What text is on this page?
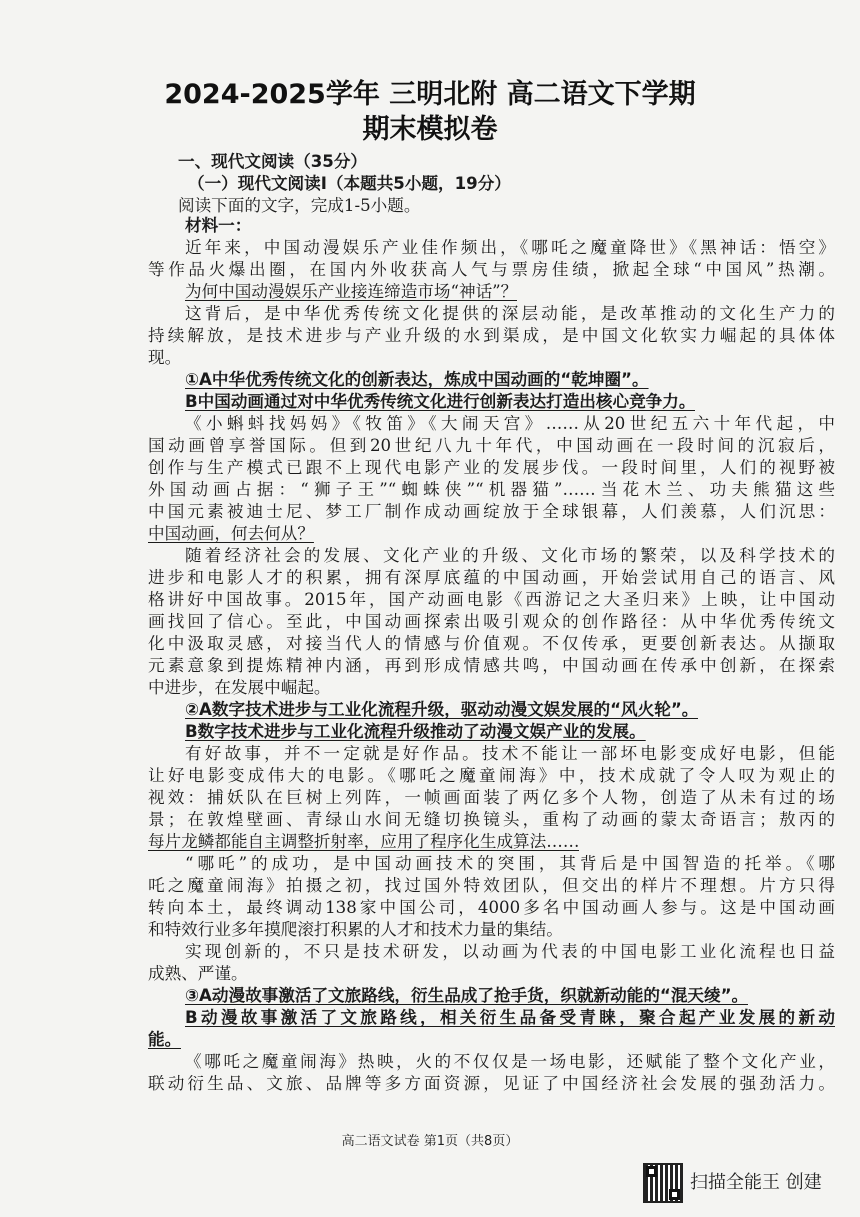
2024-2025学年 三明北附 高二语文下学期
期末模拟卷
一、现代文阅读（35分）
（一）现代文阅读Ⅰ（本题共5小题，19分）
阅读下面的文字，完成1-5小题。
材料一：
近年来，中国动漫娱乐产业佳作频出，《哪吒之魔童降世》《黑神话：悟空》
等作品火爆出圈，在国内外收获高人气与票房佳绩，掀起全球“中国风”热潮。
为何中国动漫娱乐产业接连缔造市场“神话”？
这背后，是中华优秀传统文化提供的深层动能，是改革推动的文化生产力的
持续解放，是技术进步与产业升级的水到渠成，是中国文化软实力崛起的具体体
现。
①A中华优秀传统文化的创新表达，炼成中国动画的“乾坤圈”。
B中国动画通过对中华优秀传统文化进行创新表达打造出核心竞争力。
《小蝌蚪找妈妈》《牧笛》《大闹天宫》……从20世纪五六十年代起，中
国动画曾享誉国际。但到20世纪八九十年代，中国动画在一段时间的沉寂后，
创作与生产模式已跟不上现代电影产业的发展步伐。一段时间里，人们的视野被
外国动画占据：“狮子王”“蜘蛛侠”“机器猫”……当花木兰、功夫熊猫这些
中国元素被迪士尼、梦工厂制作成动画绽放于全球银幕，人们羡慕，人们沉思：
中国动画，何去何从？
随着经济社会的发展、文化产业的升级、文化市场的繁荣，以及科学技术的
进步和电影人才的积累，拥有深厚底蕴的中国动画，开始尝试用自己的语言、风
格讲好中国故事。2015年，国产动画电影《西游记之大圣归来》上映，让中国动
画找回了信心。至此，中国动画探索出吸引观众的创作路径：从中华优秀传统文
化中汲取灵感，对接当代人的情感与价值观。不仅传承，更要创新表达。从撷取
元素意象到提炼精神内涵，再到形成情感共鸣，中国动画在传承中创新，在探索
中进步，在发展中崛起。
②A数字技术进步与工业化流程升级，驱动动漫文娱发展的“风火轮”。
B数字技术进步与工业化流程升级推动了动漫文娱产业的发展。
有好故事，并不一定就是好作品。技术不能让一部坏电影变成好电影，但能
让好电影变成伟大的电影。《哪吒之魔童闹海》中，技术成就了令人叹为观止的
视效：捕妖队在巨树上列阵，一帧画面装了两亿多个人物，创造了从未有过的场
景；在敦煌壁画、青绿山水间无缝切换镜头，重构了动画的蒙太奇语言；敖丙的
每片龙鳞都能自主调整折射率，应用了程序化生成算法……
“哪吒”的成功，是中国动画技术的突围，其背后是中国智造的托举。《哪
吒之魔童闹海》拍摄之初，找过国外特效团队，但交出的样片不理想。片方只得
转向本土，最终调动138家中国公司，4000多名中国动画人参与。这是中国动画
和特效行业多年摸爬滚打积累的人才和技术力量的集结。
实现创新的，不只是技术研发，以动画为代表的中国电影工业化流程也日益
成熟、严谨。
③A动漫故事激活了文旅路线，衍生品成了抢手货，织就新动能的“混天绫”。
B动漫故事激活了文旅路线，相关衍生品备受青睐，聚合起产业发展的新动
能。
《哪吒之魔童闹海》热映，火的不仅仅是一场电影，还赋能了整个文化产业，
联动衍生品、文旅、品牌等多方面资源，见证了中国经济社会发展的强劲活力。
高二语文试卷 第1页（共8页）
扫描全能王 创建
